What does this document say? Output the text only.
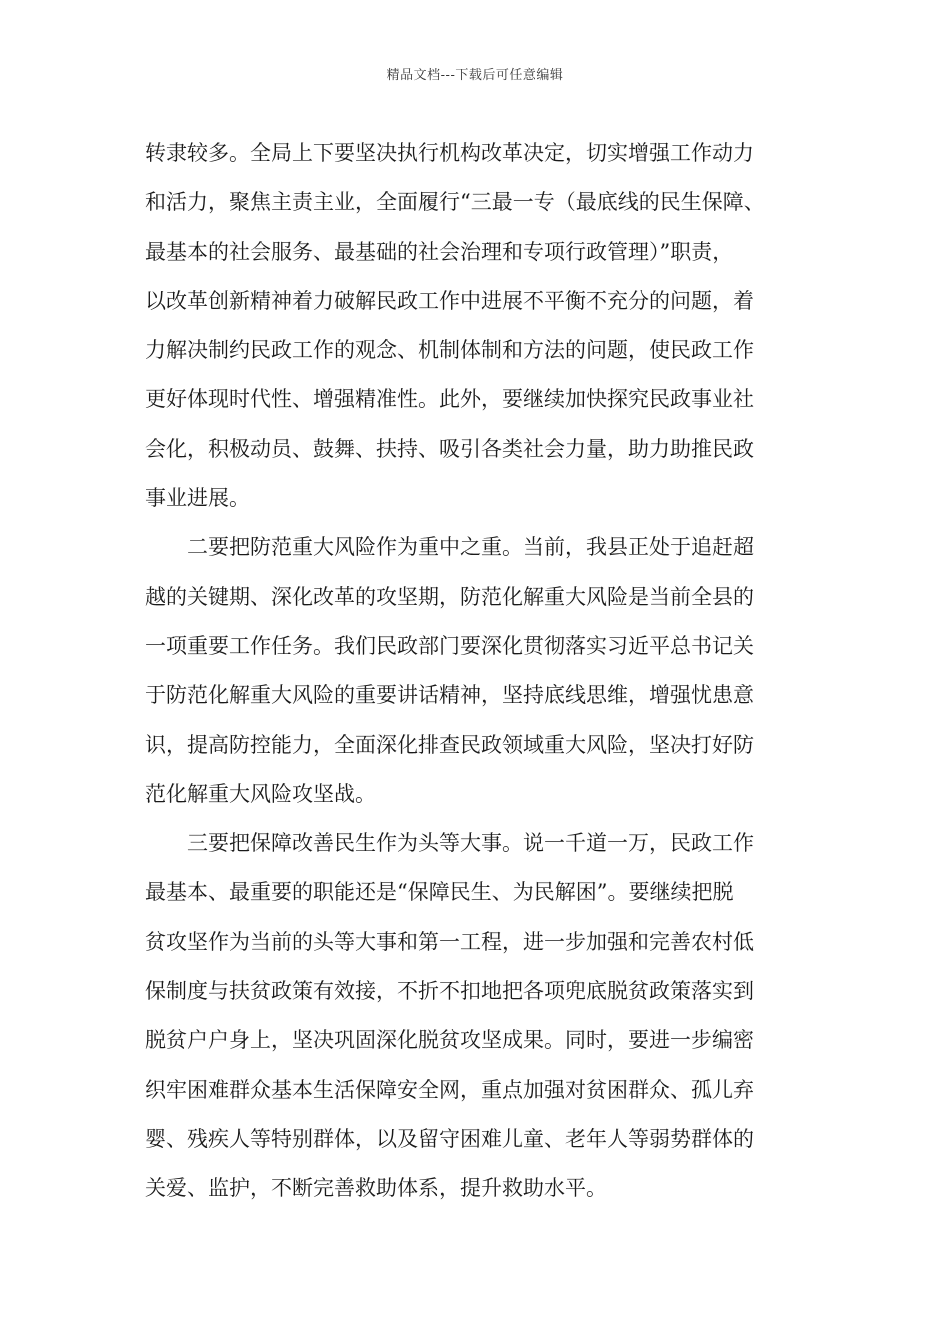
精品文档---下载后可任意编辑
转隶较多。全局上下要坚决执行机构改革决定，切实增强工作动力
和活力，聚焦主责主业，全面履行“三最一专（最底线的民生保障、
最基本的社会服务、最基础的社会治理和专项行政管理）”职责，
以改革创新精神着力破解民政工作中进展不平衡不充分的问题，着
力解决制约民政工作的观念、机制体制和方法的问题，使民政工作
更好体现时代性、增强精准性。此外，要继续加快探究民政事业社
会化，积极动员、鼓舞、扶持、吸引各类社会力量，助力助推民政
事业进展。
　　二要把防范重大风险作为重中之重。当前，我县正处于追赶超
越的关键期、深化改革的攻坚期，防范化解重大风险是当前全县的
一项重要工作任务。我们民政部门要深化贯彻落实习近平总书记关
于防范化解重大风险的重要讲话精神，坚持底线思维，增强忧患意
识，提高防控能力，全面深化排查民政领域重大风险，坚决打好防
范化解重大风险攻坚战。
　　三要把保障改善民生作为头等大事。说一千道一万，民政工作
最基本、最重要的职能还是“保障民生、为民解困”。要继续把脱
贫攻坚作为当前的头等大事和第一工程，进一步加强和完善农村低
保制度与扶贫政策有效接，不折不扣地把各项兜底脱贫政策落实到
脱贫户户身上，坚决巩固深化脱贫攻坚成果。同时，要进一步编密
织牢困难群众基本生活保障安全网，重点加强对贫困群众、孤儿弃
婴、残疾人等特别群体，以及留守困难儿童、老年人等弱势群体的
关爱、监护，不断完善救助体系，提升救助水平。
